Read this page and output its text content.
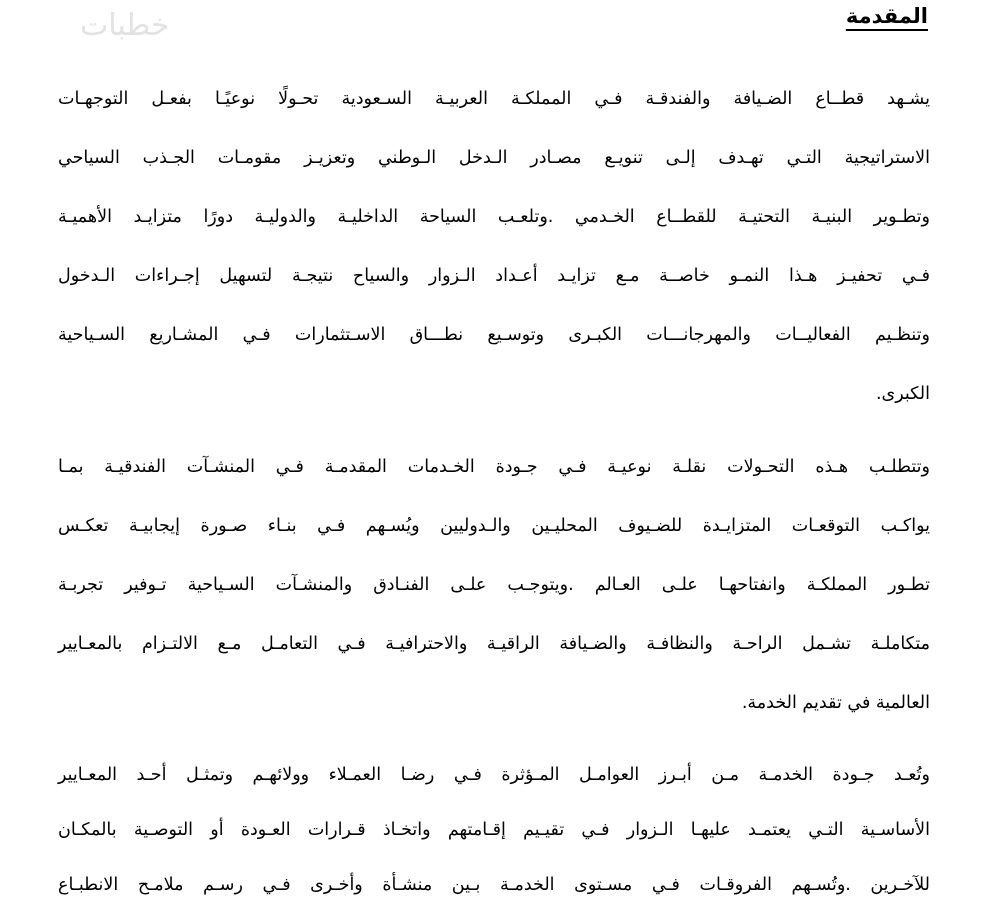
المقدمة
يشـهد قطــاع الضـيافة والفندقـة فـي المملكـة العربيـة السـعودية تحـولًا نوعيًـا بفعـل التوجهـات
الاستراتيجية التـي تهـدف إلـى تنويـع مصـادر الـدخل الـوطني وتعزيـز مقومـات الجـذب السياحي
وتطـوير البنيـة التحتيـة للقطــاع الخـدمي .وتلعـب السياحة الداخليـة والدوليـة دورًا متزايـد الأهميـة
فـي تحفيـز هـذا النمـو خاصــة مـع تزايـد أعـداد الـزوار والسياح نتيجـة لتسهيل إجـراءات الـدخول
وتنظـيم الفعاليــات والمهرجانـــات الكبـرى وتوسـيع نطـــاق الاسـتثمارات فـي المشـاريع السـياحية
الكبرى.
وتتطلـب هـذه التحـولات نقلـة نوعيـة فـي جـودة الخـدمات المقدمـة فـي المنشـآت الفندقيـة بمـا
يواكـب التوقعـات المتزايـدة للضـيوف المحليـين والـدوليين ويُسـهم فـي بنـاء صـورة إيجابيـة تعكـس
تطـور المملكـة وانفتاحهـا علـى العـالم .ويتوجـب علـى الفنـادق والمنشـآت السـياحية تـوفير تجربـة
متكاملـة تشـمل الراحـة والنظافـة والضـيافة الراقيـة والاحترافيـة فـي التعامـل مـع الالتـزام بالمعـايير
العالمية في تقديم الخدمة.
وتُعـد جـودة الخدمـة مـن أبـرز العوامـل المـؤثرة فـي رضـا العمـلاء وولائهـم وتمثـل أحـد المعـايير
الأساسـية التـي يعتمـد عليهـا الـزوار فـي تقيـيم إقـامتهم واتخـاذ قـرارات العـودة أو التوصـية بالمكـان
للآخـرين .وتُسـهم الفروقـات فـي مسـتوى الخدمـة بـين منشـأة وأخـرى فـي رسـم ملامـح الانطبـاع
خطبات
